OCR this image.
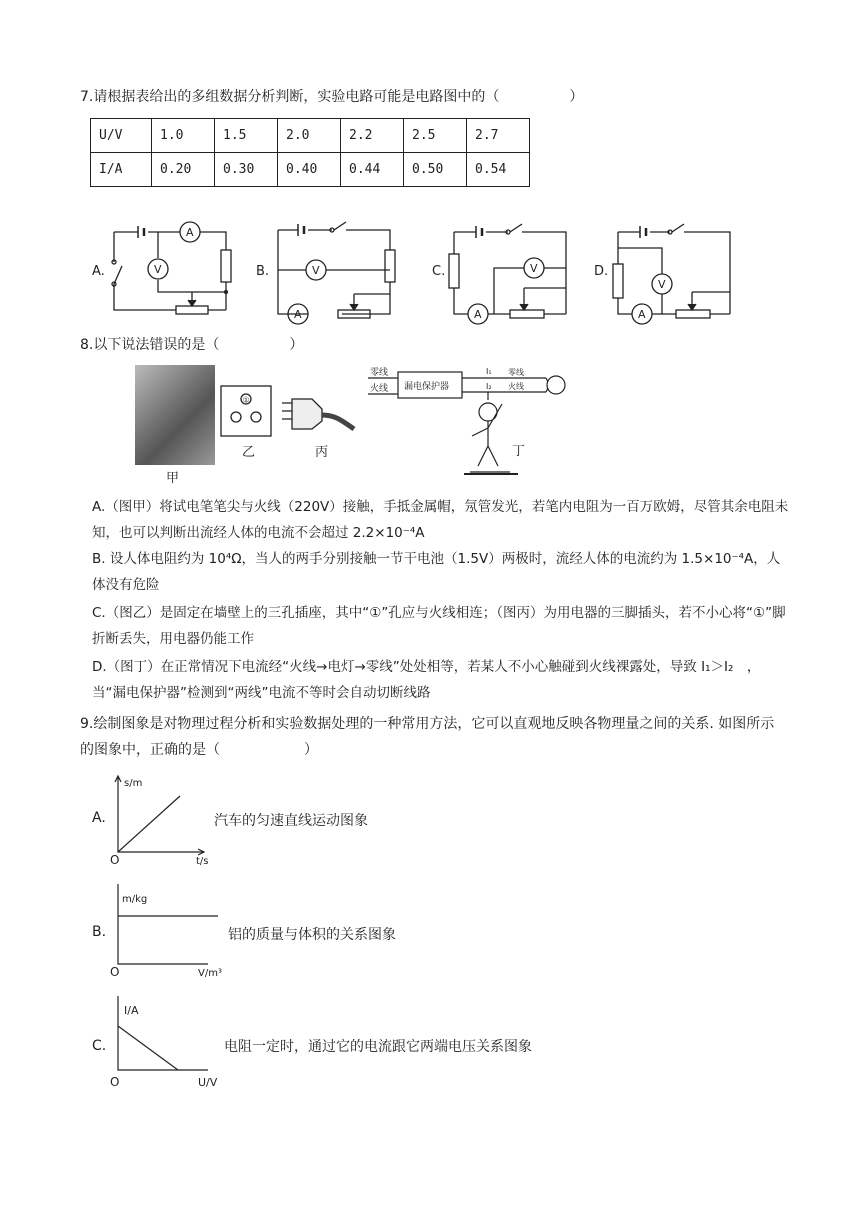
7.请根据表给出的多组数据分析判断，实验电路可能是电路图中的（　　　　　）
U/V	1.0	1.5	2.0	2.2	2.5	2.7
I/A	0.20	0.30	0.40	0.44	0.50	0.54
A.	B.	C.	D.
A
V	V
A	A
V
A
V
8.以下说法错误的是（　　　　　）
甲
①
乙	丙
零线
火线 漏电保护器
I₁
I₂
零线
火线
丁
A.（图甲）将试电笔笔尖与火线（220V）接触，手抵金属帽，氖管发光，若笔内电阻为一百万欧姆，尽管其余电阻未知，也可以判断出流经人体的电流不会超过 2.2×10⁻⁴A
B. 设人体电阻约为 10⁴Ω，当人的两手分别接触一节干电池（1.5V）两极时，流经人体的电流约为 1.5×10⁻⁴A，人体没有危险
C.（图乙）是固定在墙壁上的三孔插座，其中“①”孔应与火线相连；（图丙）为用电器的三脚插头，若不小心将“①”脚折断丢失，用电器仍能工作
D.（图丁）在正常情况下电流经“火线→电灯→零线”处处相等，若某人不小心触碰到火线裸露处，导致 I₁＞I₂　，当“漏电保护器”检测到“两线”电流不等时会自动切断线路
9.绘制图象是对物理过程分析和实验数据处理的一种常用方法，它可以直观地反映各物理量之间的关系. 如图所示的图象中，正确的是（　　　　　　）
A.
s/m
O	t/s
汽车的匀速直线运动图象
B.
m/kg
O	V/m³
铝的质量与体积的关系图象
C.
I/A
O	U/V
电阻一定时，通过它的电流跟它两端电压关系图象
